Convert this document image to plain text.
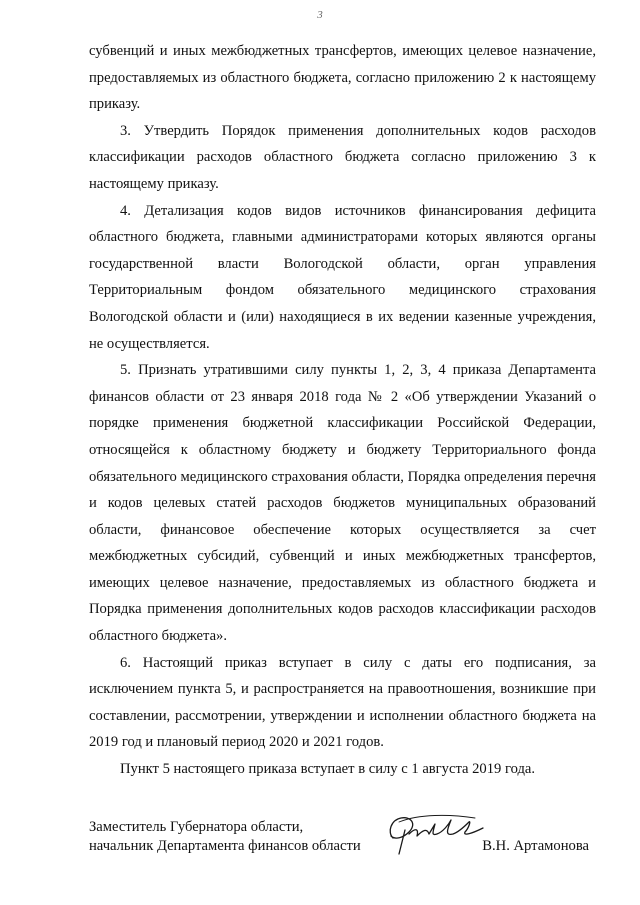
3

субвенций и иных межбюджетных трансфертов, имеющих целевое назначение, предоставляемых из областного бюджета, согласно приложению 2 к настоящему приказу.

3. Утвердить Порядок применения дополнительных кодов расходов классификации расходов областного бюджета согласно приложению 3 к настоящему приказу.

4. Детализация кодов видов источников финансирования дефицита областного бюджета, главными администраторами которых являются органы государственной власти Вологодской области, орган управления Территориальным фондом обязательного медицинского страхования Вологодской области и (или) находящиеся в их ведении казенные учреждения, не осуществляется.

5. Признать утратившими силу пункты 1, 2, 3, 4 приказа Департамента финансов области от 23 января 2018 года № 2 «Об утверждении Указаний о порядке применения бюджетной классификации Российской Федерации, относящейся к областному бюджету и бюджету Территориального фонда обязательного медицинского страхования области, Порядка определения перечня и кодов целевых статей расходов бюджетов муниципальных образований области, финансовое обеспечение которых осуществляется за счет межбюджетных субсидий, субвенций и иных межбюджетных трансфертов, имеющих целевое назначение, предоставляемых из областного бюджета и Порядка применения дополнительных кодов расходов классификации расходов областного бюджета».

6. Настоящий приказ вступает в силу с даты его подписания, за исключением пункта 5, и распространяется на правоотношения, возникшие при составлении, рассмотрении, утверждении и исполнении областного бюджета на 2019 год и плановый период 2020 и 2021 годов.

Пункт 5 настоящего приказа вступает в силу с 1 августа 2019 года.

Заместитель Губернатора области,
начальник Департамента финансов области	В.Н. Артамонова
